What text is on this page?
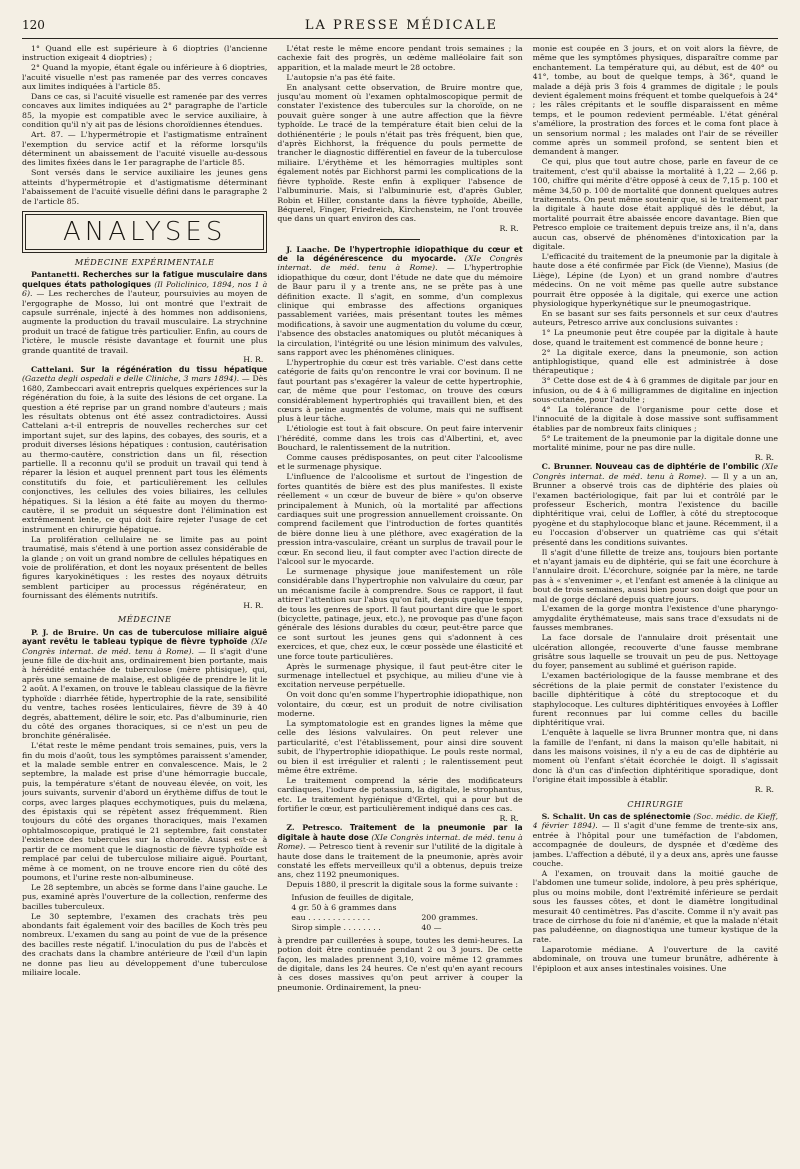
120	LA PRESSE MÉDICALE

1° Quand elle est supérieure à 6 dioptries (l'ancienne instruction exigeait 4 dioptries) ;

2° Quand la myopie, étant égale ou inférieure à 6 dioptries, l'acuité visuelle n'est pas ramenée par des verres concaves aux limites indiquées à l'article 85.

Dans ce cas, si l'acuité visuelle est ramenée par des verres concaves aux limites indiquées au 2° paragraphe de l'article 85, la myopie est compatible avec le service auxiliaire, à condition qu'il n'y ait pas de lésions choroïdiennes étendues.

Art. 87. — L'hypermétropie et l'astigmatisme entraînent l'exemption du service actif et la réforme lorsqu'ils déterminent un abaissement de l'acuité visuelle au-dessous des limites fixées dans le 1er paragraphe de l'article 85.

Sont versés dans le service auxiliaire les jeunes gens atteints d'hypermétropie et d'astigmatisme déterminant l'abaissement de l'acuité visuelle défini dans le paragraphe 2 de l'article 85.

ANALYSES
MÉDECINE EXPÉRIMENTALE

Pantanetti. Recherches sur la fatigue musculaire dans quelques états pathologiques (Il Policlinico, 1894, nos 1 à 6). — Les recherches de l'auteur, poursuivies au moyen de l'ergographe de Mosso, lui ont montré que l'extrait de capsule surrénale, injecté à des hommes non addisoniens, augmente la production du travail musculaire. La strychnine produit un tracé de fatigue très particulier. Enfin, au cours de l'ictère, le muscle résiste davantage et fournit une plus grande quantité de travail.

H. R.

Cattelani. Sur la régénération du tissu hépatique (Gazetta degli ospedali e delle Cliniche, 3 mars 1894). — Dès 1680, Zambeccari avait entrepris quelques expériences sur la régénération du foie, à la suite des lésions de cet organe. La question a été reprise par un grand nombre d'auteurs ; mais les résultats obtenus ont été assez contradictoires. Aussi Cattelani a-t-il entrepris de nouvelles recherches sur cet important sujet, sur des lapins, des cobayes, des souris, et a produit diverses lésions hépatiques : contusion, cautérisation au thermo-cautère, constriction dans un fil, résection partielle. Il a reconnu qu'il se produit un travail qui tend à réparer la lésion et auquel prennent part tous les éléments constitutifs du foie, et particulièrement les cellules conjonctives, les cellules des voies biliaires, les cellules hépatiques. Si la lésion a été faite au moyen du thermo-cautère, il se produit un séquestre dont l'élimination est extrêmement lente, ce qui doit faire rejeter l'usage de cet instrument en chirurgie hépatique.

La prolifération cellulaire ne se limite pas au point traumatisé, mais s'étend à une portion assez considérable de la glande ; on voit un grand nombre de cellules hépatiques en voie de prolifération, et dont les noyaux présentent de belles figures karyokinétiques : les restes des noyaux détruits semblent participer au processus régénérateur, en fournissant des éléments nutritifs.

H. R.
MÉDECINE

P. J. de Bruire. Un cas de tuberculose miliaire aiguë ayant revêtu le tableau typique de fièvre typhoïde (XIe Congrès internat. de méd. tenu à Rome). — Il s'agit d'une jeune fille de dix-huit ans, ordinairement bien portante, mais à hérédité entachée de tuberculose (mère phtisique), qui, après une semaine de malaise, est obligée de prendre le lit le 2 août. A l'examen, on trouve le tableau classique de la fièvre typhoïde : diarrhée fétide, hypertrophie de la rate, sensibilité du ventre, taches rosées lenticulaires, fièvre de 39 à 40 degrés, abattement, délire le soir, etc. Pas d'albuminurie, rien du côté des organes thoraciques, si ce n'est un peu de bronchite généralisée.

L'état reste le même pendant trois semaines, puis, vers la fin du mois d'août, tous les symptômes paraissent s'amender, et la malade semble entrer en convalescence. Mais, le 2 septembre, la malade est prise d'une hémorragie buccale, puis, la température s'étant de nouveau élevée, on voit, les jours suivants, survenir d'abord un érythème diffus de tout le corps, avec larges plaques ecchymotiques, puis du melæna, des épistaxis qui se répètent assez fréquemment. Rien toujours du côté des organes thoraciques, mais l'examen ophtalmoscopique, pratiqué le 21 septembre, fait constater l'existence des tubercules sur la choroïde. Aussi est-ce à partir de ce moment que le diagnostic de fièvre typhoïde est remplacé par celui de tuberculose miliaire aiguë. Pourtant, même à ce moment, on ne trouve encore rien du côté des poumons, et l'urine reste non-albumineuse.

Le 28 septembre, un abcès se forme dans l'aine gauche. Le pus, examiné après l'ouverture de la collection, renferme des bacilles tuberculeux.

Le 30 septembre, l'examen des crachats très peu abondants fait également voir des bacilles de Koch très peu nombreux. L'examen du sang au point de vue de la présence des bacilles reste négatif. L'inoculation du pus de l'abcès et des crachats dans la chambre antérieure de l'œil d'un lapin ne donne pas lieu au développement d'une tuberculose miliaire locale.

L'état reste le même encore pendant trois semaines ; la cachexie fait des progrès, un œdème malléolaire fait son apparition, et la malade meurt le 28 octobre.

L'autopsie n'a pas été faite.

En analysant cette observation, de Bruire montre que, jusqu'au moment où l'examen ophtalmoscopique permit de constater l'existence des tubercules sur la choroïde, on ne pouvait guère songer à une autre affection que la fièvre typhoïde. Le tracé de la température était bien celui de la dothiénentérie ; le pouls n'était pas très fréquent, bien que, d'après Eichhorst, la fréquence du pouls permette de trancher le diagnostic différentiel en faveur de la tuberculose miliaire. L'érythème et les hémorragies multiples sont également notés par Eichhorst parmi les complications de la fièvre typhoïde. Reste enfin à expliquer l'absence de l'albuminurie. Mais, si l'albuminurie est, d'après Gubler, Robin et Hiller, constante dans la fièvre typhoïde, Abeille, Béquerel, Finger, Friedreich, Kirchensteim, ne l'ont trouvée que dans un quart environ des cas.

R. R.

J. Laache. De l'hypertrophie idiopathique du cœur et de la dégénérescence du myocarde. (XIe Congrès internat. de méd. tenu à Rome). — L'hypertrophie idiopathique du cœur, dont l'étude ne date que du mémoire de Baur paru il y a trente ans, ne se prête pas à une définition exacte. Il s'agit, en somme, d'un complexus clinique qui embrasse des affections organiques passablement variées, mais présentant toutes les mêmes modifications, à savoir une augmentation du volume du cœur, l'absence des obstacles anatomiques ou plutôt mécaniques à la circulation, l'intégrité ou une lésion minimum des valvules, sans rapport avec les phénomènes cliniques.

L'hypertrophie du cœur est très variable. C'est dans cette catégorie de faits qu'on rencontre le vrai cor bovinum. Il ne faut pourtant pas s'exagérer la valeur de cette hypertrophie, car, de même que pour l'estomac, on trouve des cœurs considérablement hypertrophiés qui travaillent bien, et des cœurs à peine augmentés de volume, mais qui ne suffisent plus à leur tâche.

L'étiologie est tout à fait obscure. On peut faire intervenir l'hérédité, comme dans les trois cas d'Albertini, et, avec Bouchard, le ralentissement de la nutrition.

Comme causes prédisposantes, on peut citer l'alcoolisme et le surmenage physique.

L'influence de l'alcoolisme et surtout de l'ingestion de fortes quantités de bière est des plus manifestes. Il existe réellement « un cœur de buveur de bière » qu'on observe principalement à Munich, où la mortalité par affections cardiaques suit une progression annuellement croissante. On comprend facilement que l'introduction de fortes quantités de bière donne lieu à une pléthore, avec exagération de la pression intra-vasculaire, créant un surplus de travail pour le cœur. En second lieu, il faut compter avec l'action directe de l'alcool sur le myocarde.

Le surmenage physique joue manifestement un rôle considérable dans l'hypertrophie non valvulaire du cœur, par un mécanisme facile à comprendre. Sous ce rapport, il faut attirer l'attention sur l'abus qu'on fait, depuis quelque temps, de tous les genres de sport. Il faut pourtant dire que le sport (bicyclette, patinage, jeux, etc.), ne provoque pas d'une façon générale des lésions durables du cœur, peut-être parce que ce sont surtout les jeunes gens qui s'adonnent à ces exercices, et que, chez eux, le cœur possède une élasticité et une force toute particulières.

Après le surmenage physique, il faut peut-être citer le surmenage intellectuel et psychique, au milieu d'une vie à excitation nerveuse perpétuelle.

On voit donc qu'en somme l'hypertrophie idiopathique, non volontaire, du cœur, est un produit de notre civilisation moderne.

La symptomatologie est en grandes lignes la même que celle des lésions valvulaires. On peut relever une particularité, c'est l'établissement, pour ainsi dire souvent subit, de l'hypertrophie idiopathique. Le pouls reste normal, ou bien il est irrégulier et ralenti ; le ralentissement peut même être extrême.

Le traitement comprend la série des modificateurs cardiaques, l'iodure de potassium, la digitale, le strophantus, etc. Le traitement hygiénique d'Œrtel, qui a pour but de fortifier le cœur, est particulièrement indiqué dans ces cas.

R. R.

Z. Petresco. Traitement de la pneumonie par la digitale à haute dose (XIe Congrès internat. de méd. tenu à Rome). — Petresco tient à revenir sur l'utilité de la digitale à haute dose dans le traitement de la pneumonie, après avoir constaté les effets merveilleux qu'il a obtenus, depuis treize ans, chez 1192 pneumoniques.

Depuis 1880, il prescrit la digitale sous la forme suivante :

Infusion de feuilles de digitale,
4 gr. 50 à 6 grammes dans
eau . . . . . . . . . . . . .	200 grammes.
Sirop simple . . . . . . . .	40 —

à prendre par cuillerées à soupe, toutes les demi-heures. La potion doit être continuée pendant 2 ou 3 jours. De cette façon, les malades prennent 3,10, voire même 12 grammes de digitale, dans les 24 heures. Ce n'est qu'en ayant recours à ces doses massives qu'on peut arriver à couper la pneumonie. Ordinairement, la pneu-

monie est coupée en 3 jours, et on voit alors la fièvre, de même que les symptômes physiques, disparaître comme par enchantement. La température qui, au début, est de 40° ou 41°, tombe, au bout de quelque temps, à 36°, quand le malade a déjà pris 3 fois 4 grammes de digitale ; le pouls devient également moins fréquent et tombe quelquefois à 24° ; les râles crépitants et le souffle disparaissent en même temps, et le poumon redevient perméable. L'état général s'améliore, la prostration des forces et le coma font place à un sensorium normal ; les malades ont l'air de se réveiller comme après un sommeil profond, se sentent bien et demandent à manger.

Ce qui, plus que tout autre chose, parle en faveur de ce traitement, c'est qu'il abaisse la mortalité à 1,22 — 2,66 p. 100, chiffre qui mérite d'être opposé à ceux de 7,15 p. 100 et même 34,50 p. 100 de mortalité que donnent quelques autres traitements. On peut même soutenir que, si le traitement par la digitale à haute dose était appliqué dès le début, la mortalité pourrait être abaissée encore davantage. Bien que Petresco emploie ce traitement depuis treize ans, il n'a, dans aucun cas, observé de phénomènes d'intoxication par la digitale.

L'efficacité du traitement de la pneumonie par la digitale à haute dose a été confirmée par Fick (de Vienne), Masius (de Liège), Lépine (de Lyon) et un grand nombre d'autres médecins. On ne voit même pas quelle autre substance pourrait être opposée à la digitale, qui exerce une action physiologique hyperkynétique sur le pneumogastrique.

En se basant sur ses faits personnels et sur ceux d'autres auteurs, Petresco arrive aux conclusions suivantes :

1° La pneumonie peut être coupée par la digitale à haute dose, quand le traitement est commencé de bonne heure ;

2° La digitale exerce, dans la pneumonie, son action antiphlogistique, quand elle est administrée à dose thérapeutique ;

3° Cette dose est de 4 à 6 grammes de digitale par jour en infusion, ou de 4 à 6 milligrammes de digitaline en injection sous-cutanée, pour l'adulte ;

4° La tolérance de l'organisme pour cette dose et l'innocuité de la digitale à dose massive sont suffisamment établies par de nombreux faits cliniques ;

5° Le traitement de la pneumonie par la digitale donne une mortalité minime, pour ne pas dire nulle.

R. R.

C. Brunner. Nouveau cas de diphtérie de l'ombilic (XIe Congrès internat. de méd. tenu à Rome). — Il y a un an, Brunner a observé trois cas de diphtérie des plaies où l'examen bactériologique, fait par lui et contrôlé par le professeur Escherich, montra l'existence du bacille diphtéritique vrai, celui de Loffler, à côté du streptocoque pyogène et du staphylocoque blanc et jaune. Récemment, il a eu l'occasion d'observer un quatrième cas qui s'était présenté dans les conditions suivantes.

Il s'agit d'une fillette de treize ans, toujours bien portante et n'ayant jamais eu de diphtérie, qui se fait une écorchure à l'annulaire droit. L'écorchure, soignée par la mère, ne tarde pas à « s'envenimer », et l'enfant est amenée à la clinique au bout de trois semaines, aussi bien pour son doigt que pour un mal de gorge déclaré depuis quatre jours.

L'examen de la gorge montra l'existence d'une pharyngo-amygdalite érythémateuse, mais sans trace d'exsudats ni de fausses membranes.

La face dorsale de l'annulaire droit présentait une ulcération allongée, recouverte d'une fausse membrane grisâtre sous laquelle se trouvait un peu de pus. Nettoyage du foyer, pansement au sublimé et guérison rapide.

L'examen bactériologique de la fausse membrane et des sécrétions de la plaie permit de constater l'existence du bacille diphtéritique à côté du streptocoque et du staphylocoque. Les cultures diphtéritiques envoyées à Loffler furent reconnues par lui comme celles du bacille diphtéritique vrai.

L'enquête à laquelle se livra Brunner montra que, ni dans la famille de l'enfant, ni dans la maison qu'elle habitait, ni dans les maisons voisines, il n'y a eu de cas de diphtérie au moment où l'enfant s'était écorchée le doigt. Il s'agissait donc là d'un cas d'infection diphtéritique sporadique, dont l'origine était impossible à établir.

R. R.
CHIRURGIE

S. Schalit. Un cas de splénectomie (Soc. médic. de Kieff, 4 février 1894). — Il s'agit d'une femme de trente-six ans, entrée à l'hôpital pour une tuméfaction de l'abdomen, accompagnée de douleurs, de dyspnée et d'œdème des jambes. L'affection a débuté, il y a deux ans, après une fausse couche.

A l'examen, on trouvait dans la moitié gauche de l'abdomen une tumeur solide, indolore, à peu près sphérique, plus ou moins mobile, dont l'extrémité inférieure se perdait sous les fausses côtes, et dont le diamètre longitudinal mesurait 40 centimètres. Pas d'ascite. Comme il n'y avait pas trace de cirrhose du foie ni d'anémie, et que la malade n'était pas paludéenne, on diagnostiqua une tumeur kystique de la rate.

Laparotomie médiane. A l'ouverture de la cavité abdominale, on trouva une tumeur brunâtre, adhérente à l'épiploon et aux anses intestinales voisines. Une
